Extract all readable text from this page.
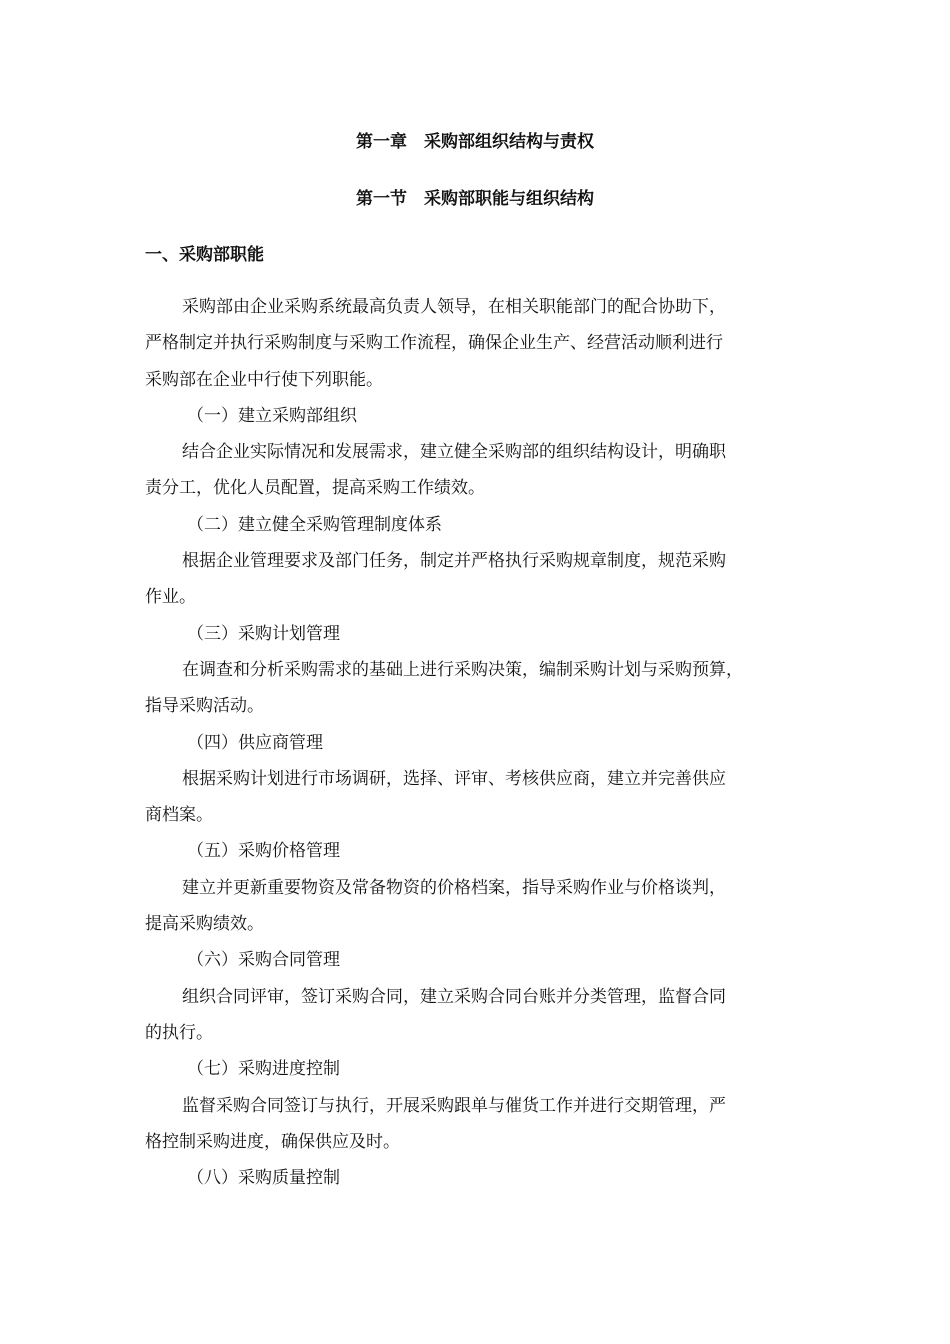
第一章　采购部组织结构与责权
第一节　采购部职能与组织结构
一、采购部职能
采购部由企业采购系统最高负责人领导，在相关职能部门的配合协助下，
严格制定并执行采购制度与采购工作流程，确保企业生产、经营活动顺利进行
采购部在企业中行使下列职能。
（一）建立采购部组织
结合企业实际情况和发展需求，建立健全采购部的组织结构设计，明确职
责分工，优化人员配置，提高采购工作绩效。
（二）建立健全采购管理制度体系
根据企业管理要求及部门任务，制定并严格执行采购规章制度，规范采购
作业。
（三）采购计划管理
在调查和分析采购需求的基础上进行采购决策，编制采购计划与采购预算，
指导采购活动。
（四）供应商管理
根据采购计划进行市场调研，选择、评审、考核供应商，建立并完善供应
商档案。
（五）采购价格管理
建立并更新重要物资及常备物资的价格档案，指导采购作业与价格谈判，
提高采购绩效。
（六）采购合同管理
组织合同评审，签订采购合同，建立采购合同台账并分类管理，监督合同
的执行。
（七）采购进度控制
监督采购合同签订与执行，开展采购跟单与催货工作并进行交期管理，严
格控制采购进度，确保供应及时。
（八）采购质量控制
